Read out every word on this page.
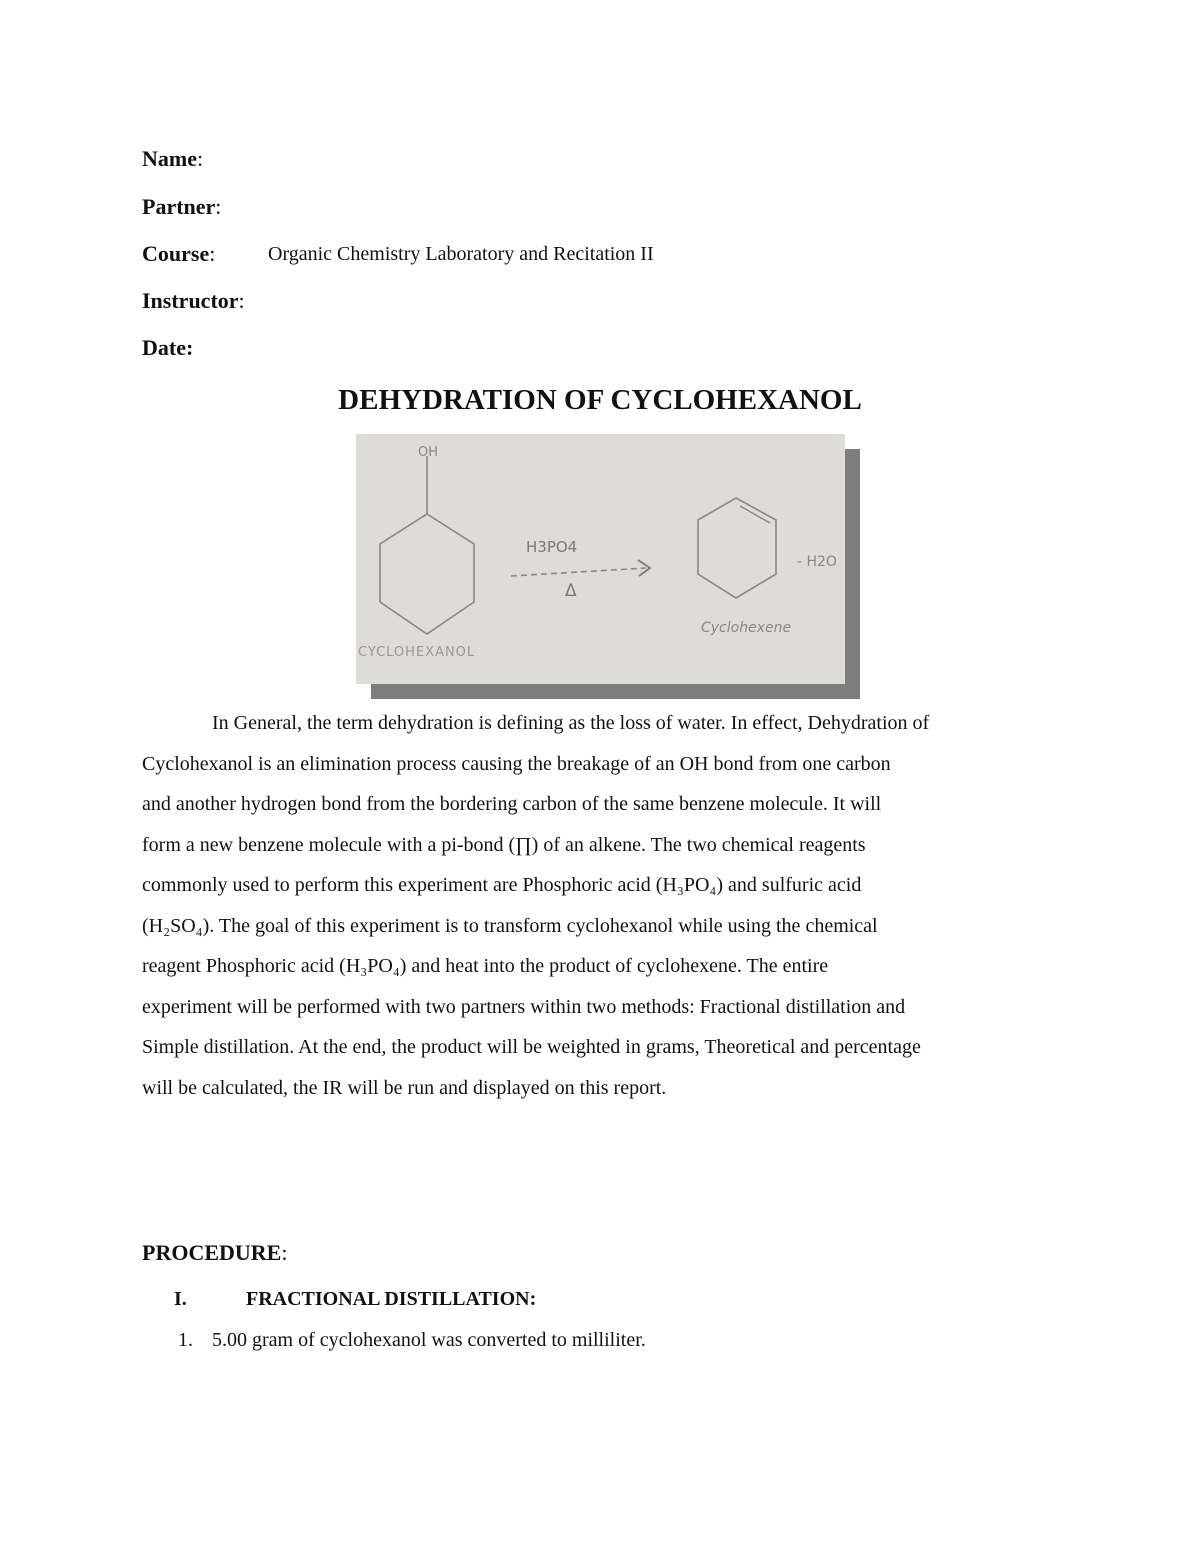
Name:
Partner:
Course:	Organic Chemistry Laboratory and Recitation II
Instructor:
Date:
DEHYDRATION OF CYCLOHEXANOL
OH
CYCLOHEXANOL
H3PO4
Δ
Cyclohexene
- H2O
In General, the term dehydration is defining as the loss of water. In effect, Dehydration of
Cyclohexanol is an elimination process causing the breakage of an OH bond from one carbon
and another hydrogen bond from the bordering carbon of the same benzene molecule. It will
form a new benzene molecule with a pi-bond (∏) of an alkene. The two chemical reagents
commonly used to perform this experiment are Phosphoric acid (H₃PO₄) and sulfuric acid
(H₂SO₄). The goal of this experiment is to transform cyclohexanol while using the chemical
reagent Phosphoric acid (H₃PO₄) and heat into the product of cyclohexene. The entire
experiment will be performed with two partners within two methods: Fractional distillation and
Simple distillation. At the end, the product will be weighted in grams, Theoretical and percentage
will be calculated, the IR will be run and displayed on this report.
PROCEDURE:
I.	FRACTIONAL DISTILLATION:
1. 5.00 gram of cyclohexanol was converted to milliliter.
